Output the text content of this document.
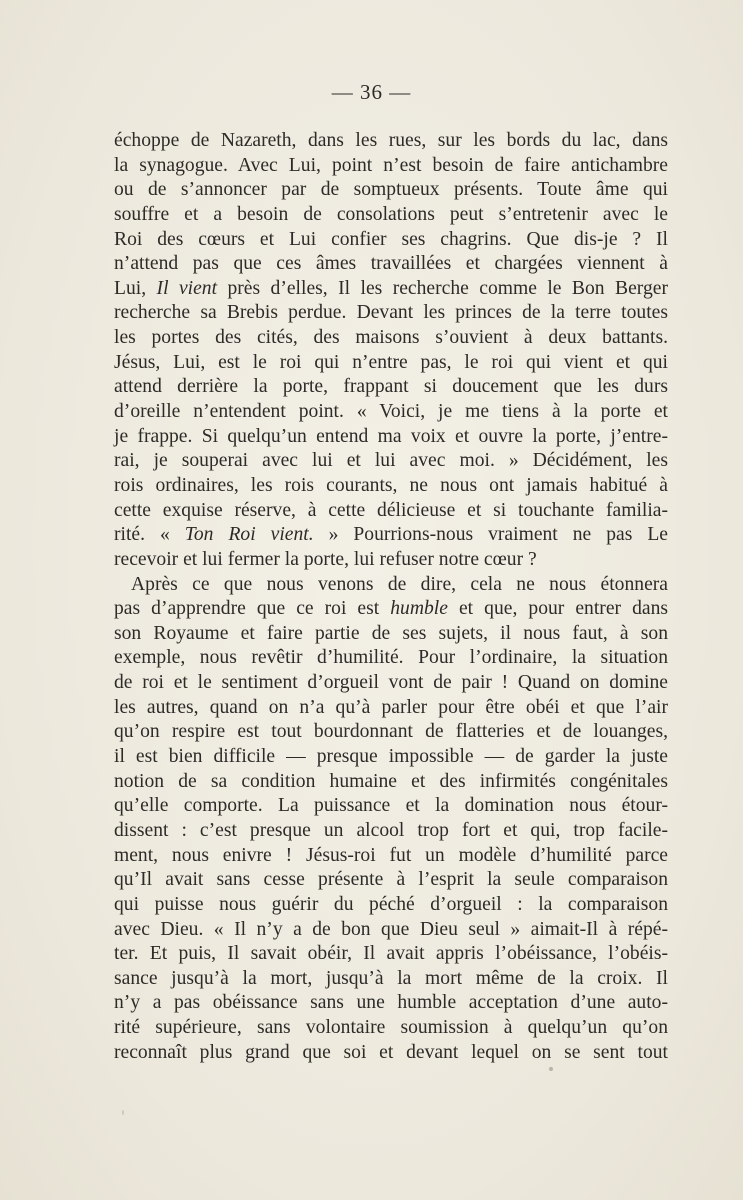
— 36 —
échoppe de Nazareth, dans les rues, sur les bords du lac, dans
la synagogue. Avec Lui, point n’est besoin de faire antichambre
ou de s’annoncer par de somptueux présents. Toute âme qui
souffre et a besoin de consolations peut s’entretenir avec le
Roi des cœurs et Lui confier ses chagrins. Que dis-je ? Il
n’attend pas que ces âmes travaillées et chargées viennent à
Lui, Il vient près d’elles, Il les recherche comme le Bon Berger
recherche sa Brebis perdue. Devant les princes de la terre toutes
les portes des cités, des maisons s’ouvient à deux battants.
Jésus, Lui, est le roi qui n’entre pas, le roi qui vient et qui
attend derrière la porte, frappant si doucement que les durs
d’oreille n’entendent point. « Voici, je me tiens à la porte et
je frappe. Si quelqu’un entend ma voix et ouvre la porte, j’entre-
rai, je souperai avec lui et lui avec moi. » Décidément, les
rois ordinaires, les rois courants, ne nous ont jamais habitué à
cette exquise réserve, à cette délicieuse et si touchante familia-
rité. « Ton Roi vient. » Pourrions-nous vraiment ne pas Le
recevoir et lui fermer la porte, lui refuser notre cœur ?
Après ce que nous venons de dire, cela ne nous étonnera
pas d’apprendre que ce roi est humble et que, pour entrer dans
son Royaume et faire partie de ses sujets, il nous faut, à son
exemple, nous revêtir d’humilité. Pour l’ordinaire, la situation
de roi et le sentiment d’orgueil vont de pair ! Quand on domine
les autres, quand on n’a qu’à parler pour être obéi et que l’air
qu’on respire est tout bourdonnant de flatteries et de louanges,
il est bien difficile — presque impossible — de garder la juste
notion de sa condition humaine et des infirmités congénitales
qu’elle comporte. La puissance et la domination nous étour-
dissent : c’est presque un alcool trop fort et qui, trop facile-
ment, nous enivre ! Jésus-roi fut un modèle d’humilité parce
qu’Il avait sans cesse présente à l’esprit la seule comparaison
qui puisse nous guérir du péché d’orgueil : la comparaison
avec Dieu. « Il n’y a de bon que Dieu seul » aimait-Il à répé-
ter. Et puis, Il savait obéir, Il avait appris l’obéissance, l’obéis-
sance jusqu’à la mort, jusqu’à la mort même de la croix. Il
n’y a pas obéissance sans une humble acceptation d’une auto-
rité supérieure, sans volontaire soumission à quelqu’un qu’on
reconnaît plus grand que soi et devant lequel on se sent tout
